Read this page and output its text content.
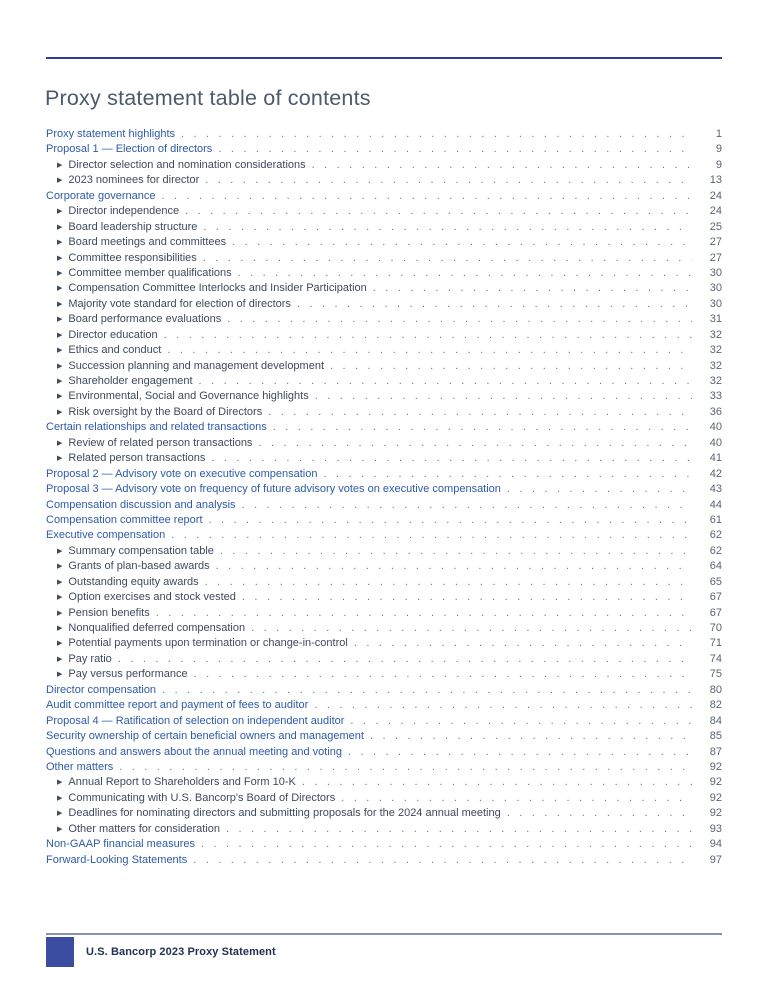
Proxy statement table of contents
Proxy statement highlights . . .	1
Proposal 1 — Election of directors . . .	9
▶ Director selection and nomination considerations . . .	9
▶ 2023 nominees for director . . .	13
Corporate governance . . .	24
▶ Director independence . . .	24
▶ Board leadership structure . . .	25
▶ Board meetings and committees . . .	27
▶ Committee responsibilities . . .	27
▶ Committee member qualifications . . .	30
▶ Compensation Committee Interlocks and Insider Participation . . .	30
▶ Majority vote standard for election of directors . . .	30
▶ Board performance evaluations . . .	31
▶ Director education . . .	32
▶ Ethics and conduct . . .	32
▶ Succession planning and management development . . .	32
▶ Shareholder engagement . . .	32
▶ Environmental, Social and Governance highlights . . .	33
▶ Risk oversight by the Board of Directors . . .	36
Certain relationships and related transactions . . .	40
▶ Review of related person transactions . . .	40
▶ Related person transactions . . .	41
Proposal 2 — Advisory vote on executive compensation . . .	42
Proposal 3 — Advisory vote on frequency of future advisory votes on executive compensation . . .	43
Compensation discussion and analysis . . .	44
Compensation committee report . . .	61
Executive compensation . . .	62
▶ Summary compensation table . . .	62
▶ Grants of plan-based awards . . .	64
▶ Outstanding equity awards . . .	65
▶ Option exercises and stock vested . . .	67
▶ Pension benefits . . .	67
▶ Nonqualified deferred compensation . . .	70
▶ Potential payments upon termination or change-in-control . . .	71
▶ Pay ratio . . .	74
▶ Pay versus performance . . .	75
Director compensation . . .	80
Audit committee report and payment of fees to auditor . . .	82
Proposal 4 — Ratification of selection on independent auditor . . .	84
Security ownership of certain beneficial owners and management . . .	85
Questions and answers about the annual meeting and voting . . .	87
Other matters . . .	92
▶ Annual Report to Shareholders and Form 10-K . . .	92
▶ Communicating with U.S. Bancorp's Board of Directors . . .	92
▶ Deadlines for nominating directors and submitting proposals for the 2024 annual meeting . . .	92
▶ Other matters for consideration . . .	93
Non-GAAP financial measures . . .	94
Forward-Looking Statements . . .	97
U.S. Bancorp 2023 Proxy Statement
